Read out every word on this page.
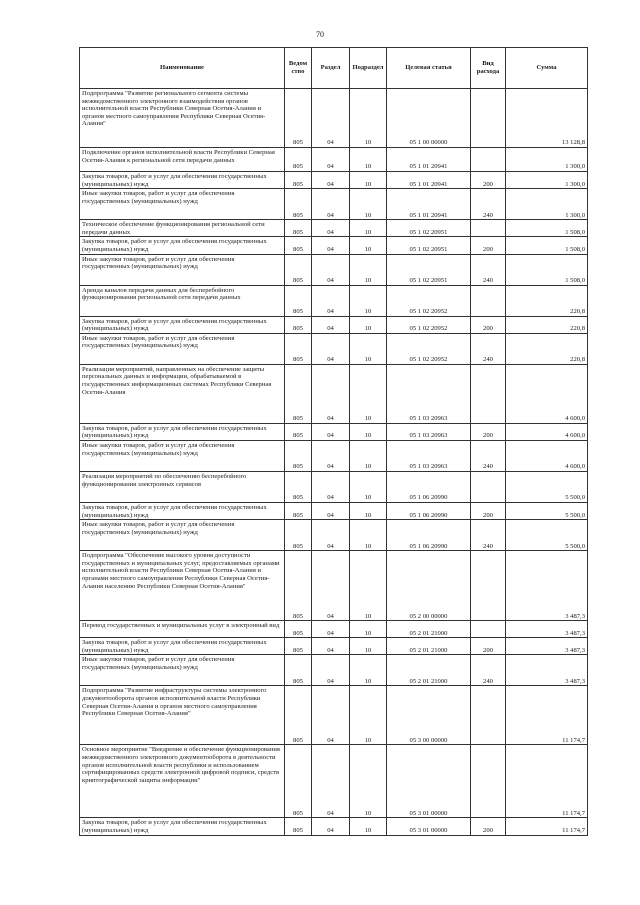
70
Наименование	Ведом ство	Раздел	Подраздел	Целевая статья	Вид расхода	Сумма
Подпрограмма "Развитие регионального сегмента системы межведомственного электронного взаимодействия органов исполнительной власти Республики Северная Осетия-Алания и органов местного самоуправления Республики Северная Осетия-Алания"	805	04	10	05 1 00 00000		13 128,8
Подключение органов исполнительной власти Республики Северная Осетия-Алания к региональной сети передачи данных	805	04	10	05 1 01 20941		1 300,0
Закупка товаров, работ и услуг для обеспечения государственных (муниципальных) нужд	805	04	10	05 1 01 20941	200	1 300,0
Иные закупки товаров, работ и услуг для обеспечения государственных (муниципальных) нужд	805	04	10	05 1 01 20941	240	1 300,0
Техническое обеспечение функционирования региональной сети передачи данных	805	04	10	05 1 02 20951		1 508,0
Закупка товаров, работ и услуг для обеспечения государственных (муниципальных) нужд	805	04	10	05 1 02 20951	200	1 508,0
Иные закупки товаров, работ и услуг для обеспечения государственных (муниципальных) нужд	805	04	10	05 1 02 20951	240	1 508,0
Аренда каналов передачи данных для бесперебойного функционирования региональной сети передачи данных	805	04	10	05 1 02 20952		220,8
Закупка товаров, работ и услуг для обеспечения государственных (муниципальных) нужд	805	04	10	05 1 02 20952	200	220,8
Иные закупки товаров, работ и услуг для обеспечения государственных (муниципальных) нужд	805	04	10	05 1 02 20952	240	220,8
Реализация мероприятий, направленных на обеспечение защиты персональных данных и информации, обрабатываемой в государственных информационных системах Республики Северная Осетия-Алания	805	04	10	05 1 03 20963		4 600,0
Закупка товаров, работ и услуг для обеспечения государственных (муниципальных) нужд	805	04	10	05 1 03 20963	200	4 600,0
Иные закупки товаров, работ и услуг для обеспечения государственных (муниципальных) нужд	805	04	10	05 1 03 20963	240	4 600,0
Реализация мероприятий по обеспечению бесперебойного функционирования электронных сервисов	805	04	10	05 1 06 20990		5 500,0
Закупка товаров, работ и услуг для обеспечения государственных (муниципальных) нужд	805	04	10	05 1 06 20990	200	5 500,0
Иные закупки товаров, работ и услуг для обеспечения государственных (муниципальных) нужд	805	04	10	05 1 06 20990	240	5 500,0
Подпрограмма "Обеспечение высокого уровня доступности государственных и муниципальных услуг, предоставляемых органами исполнительной власти Республики Северная Осетия-Алания и органами местного самоуправления Республики Северная Осетия-Алания населению Республики Северная Осетия-Алания"	805	04	10	05 2 00 00000		3 487,3
Перевод государственных и муниципальных услуг в электронный вид	805	04	10	05 2 01 21000		3 487,3
Закупка товаров, работ и услуг для обеспечения государственных (муниципальных) нужд	805	04	10	05 2 01 21000	200	3 487,3
Иные закупки товаров, работ и услуг для обеспечения государственных (муниципальных) нужд	805	04	10	05 2 01 21000	240	3 487,3
Подпрограмма "Развитие инфраструктуры системы электронного документооборота органов исполнительной власти Республики Северная Осетия-Алания и органов местного самоуправления Республики Северная Осетия-Алания"	805	04	10	05 3 00 00000		11 174,7
Основное мероприятие "Внедрение и обеспечение функционирования межведомственного электронного документооборота в деятельности органов исполнительной власти республики и использованием сертифицированных средств электронной цифровой подписи, средств криптографической защиты информации"	805	04	10	05 3 01 00000		11 174,7
Закупка товаров, работ и услуг для обеспечения государственных (муниципальных) нужд	805	04	10	05 3 01 00000	200	11 174,7
